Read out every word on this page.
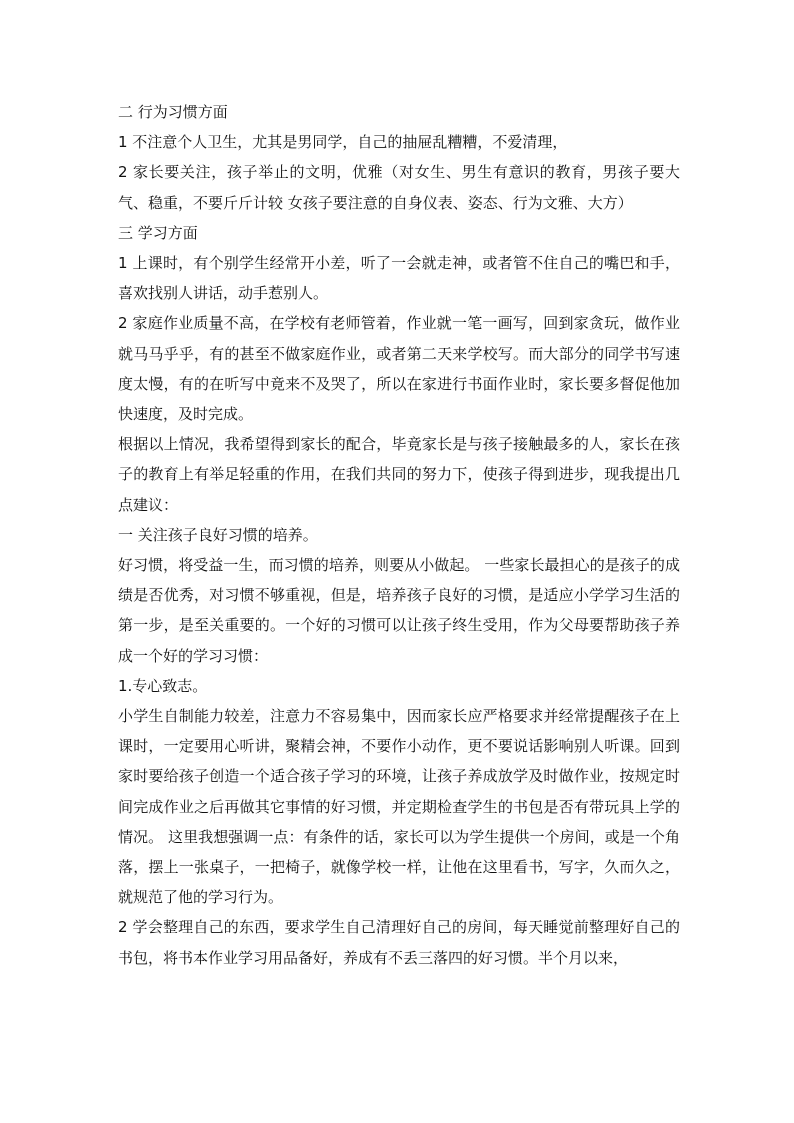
二 行为习惯方面

1 不注意个人卫生，尤其是男同学，自己的抽屉乱糟糟，不爱清理，

2 家长要关注，孩子举止的文明，优雅（对女生、男生有意识的教育，男孩子要大气、稳重，不要斤斤计较 女孩子要注意的自身仪表、姿态、行为文雅、大方）

三 学习方面

1 上课时，有个别学生经常开小差，听了一会就走神，或者管不住自己的嘴巴和手，喜欢找别人讲话，动手惹别人。

2 家庭作业质量不高，在学校有老师管着，作业就一笔一画写，回到家贪玩，做作业就马马乎乎，有的甚至不做家庭作业，或者第二天来学校写。而大部分的同学书写速度太慢，有的在听写中竟来不及哭了，所以在家进行书面作业时，家长要多督促他加快速度，及时完成。

根据以上情况，我希望得到家长的配合，毕竟家长是与孩子接触最多的人，家长在孩子的教育上有举足轻重的作用，在我们共同的努力下，使孩子得到进步，现我提出几点建议：

一 关注孩子良好习惯的培养。

好习惯，将受益一生，而习惯的培养，则要从小做起。 一些家长最担心的是孩子的成绩是否优秀，对习惯不够重视，但是，培养孩子良好的习惯，是适应小学学习生活的第一步，是至关重要的。一个好的习惯可以让孩子终生受用，作为父母要帮助孩子养成一个好的学习习惯：

1.专心致志。

小学生自制能力较差，注意力不容易集中，因而家长应严格要求并经常提醒孩子在上课时，一定要用心听讲，聚精会神，不要作小动作，更不要说话影响别人听课。回到家时要给孩子创造一个适合孩子学习的环境，让孩子养成放学及时做作业，按规定时间完成作业之后再做其它事情的好习惯，并定期检查学生的书包是否有带玩具上学的情况。 这里我想强调一点：有条件的话，家长可以为学生提供一个房间，或是一个角落，摆上一张桌子，一把椅子，就像学校一样，让他在这里看书，写字，久而久之，就规范了他的学习行为。

2 学会整理自己的东西，要求学生自己清理好自己的房间，每天睡觉前整理好自己的书包，将书本作业学习用品备好，养成有不丢三落四的好习惯。半个月以来，
